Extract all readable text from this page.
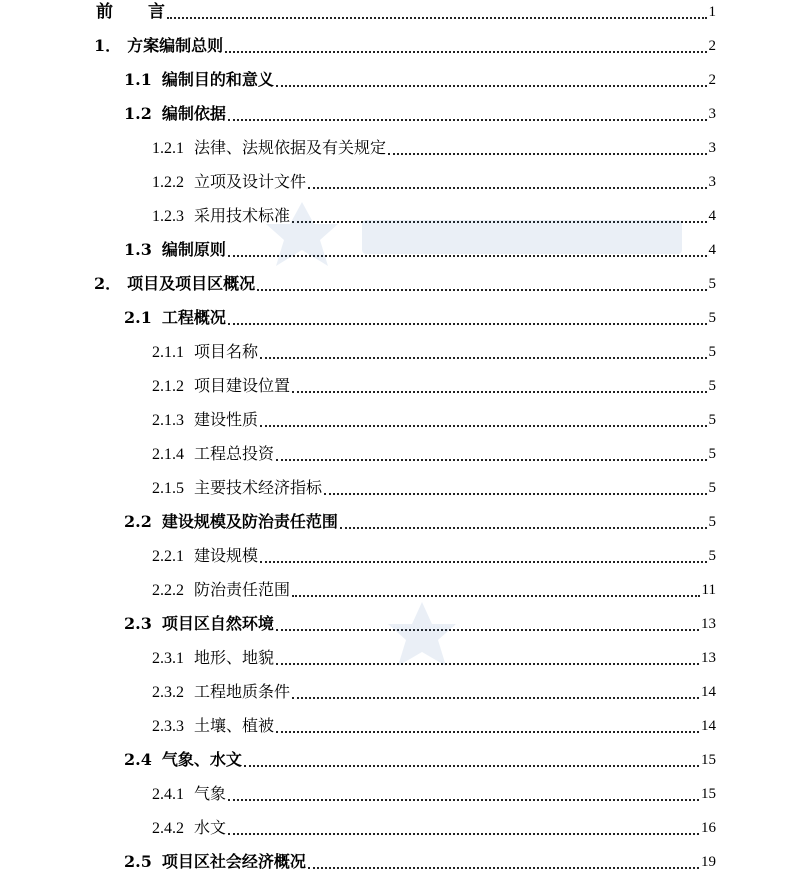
前 言	1
1． 方案编制总则	2
1.1 编制目的和意义	2
1.2 编制依据	3
1.2.1 法律、法规依据及有关规定	3
1.2.2 立项及设计文件	3
1.2.3 采用技术标准	4
1.3 编制原则	4
2． 项目及项目区概况	5
2.1 工程概况	5
2.1.1 项目名称	5
2.1.2 项目建设位置	5
2.1.3 建设性质	5
2.1.4 工程总投资	5
2.1.5 主要技术经济指标	5
2.2 建设规模及防治责任范围	5
2.2.1 建设规模	5
2.2.2 防治责任范围	11
2.3 项目区自然环境	13
2.3.1 地形、地貌	13
2.3.2 工程地质条件	14
2.3.3 土壤、植被	14
2.4 气象、水文	15
2.4.1 气象	15
2.4.2 水文	16
2.5 项目区社会经济概况	19
